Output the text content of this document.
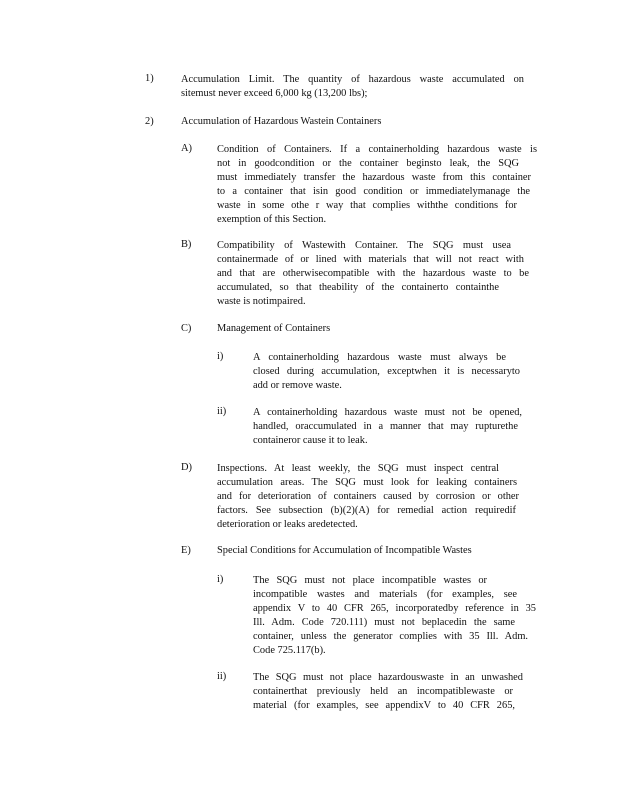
1)	Accumulation Limit. The quantity of hazardous waste accumulated on
sitemust never exceed 6,000 kg (13,200 lbs);
2)	Accumulation of Hazardous Wastein Containers
A) Condition of Containers. If a containerholding hazardous waste is
not in goodcondition or the container beginsto leak, the SQG
must immediately transfer the hazardous waste from this container
to a container that isin good condition or immediatelymanage the
waste in some othe r way that complies withthe conditions for
exemption of this Section.
B) Compatibility of Wastewith Container. The SQG must usea
containermade of or lined with materials that will not react with
and that are otherwisecompatible with the hazardous waste to be
accumulated, so that theability of the containerto containthe
waste is notimpaired.
C) Management of Containers
i)	A containerholding hazardous waste must always be
closed during accumulation, exceptwhen it is necessaryto
add or remove waste.
ii)	A containerholding hazardous waste must not be opened,
handled, oraccumulated in a manner that may rupturethe
containeror cause it to leak.
D) Inspections. At least weekly, the SQG must inspect central
accumulation areas. The SQG must look for leaking containers
and for deterioration of containers caused by corrosion or other
factors. See subsection (b)(2)(A) for remedial action requiredif
deterioration or leaks aredetected.
E)	Special Conditions for Accumulation of Incompatible Wastes
i)	The SQG must not place incompatible wastes or
incompatible wastes and materials (for examples, see
appendix V to 40 CFR 265, incorporatedby reference in 35
Ill. Adm. Code 720.111) must not beplacedin the same
container, unless the generator complies with 35 Ill. Adm.
Code 725.117(b).
ii)	The SQG must not place hazardouswaste in an unwashed
containerthat previously held an incompatiblewaste or
material (for examples, see appendixV to 40 CFR 265,
